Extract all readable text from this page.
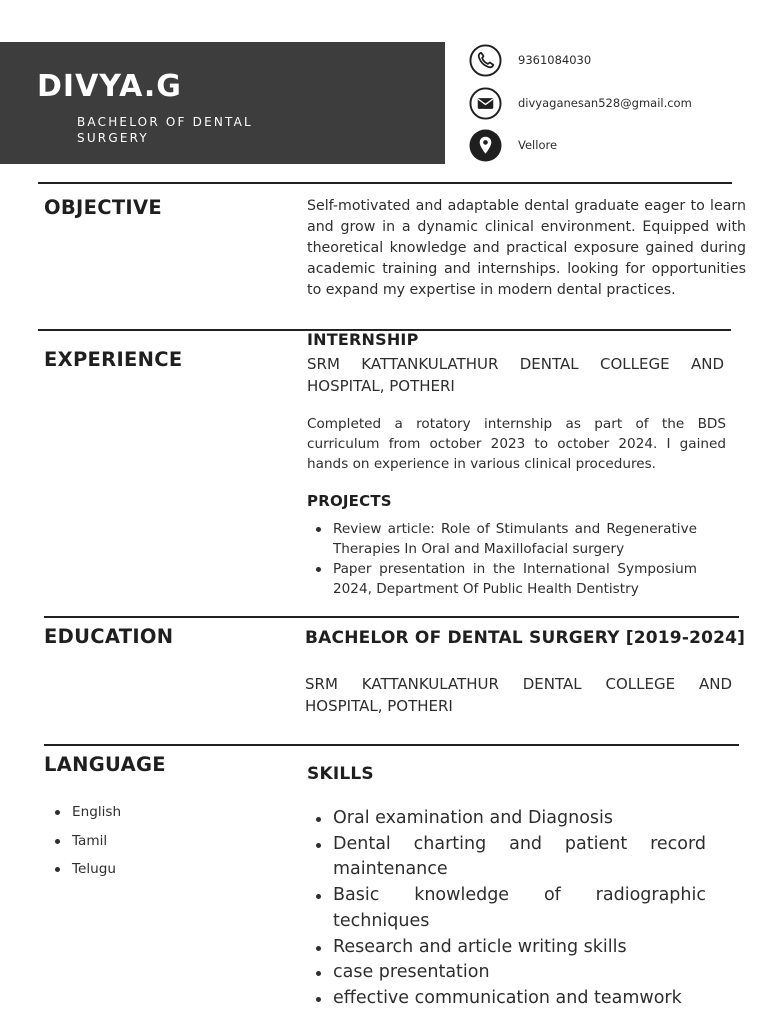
DIVYA.G
BACHELOR OF DENTAL SURGERY
9361084030
divyaganesan528@gmail.com
Vellore
OBJECTIVE	Self-motivated and adaptable dental graduate eager to learn and grow in a dynamic clinical environment. Equipped with theoretical knowledge and practical exposure gained during academic training and internships. looking for opportunities to expand my expertise in modern dental practices.
EXPERIENCE
INTERNSHIP
SRM KATTANKULATHUR DENTAL COLLEGE AND HOSPITAL, POTHERI
Completed a rotatory internship as part of the BDS curriculum from october 2023 to october 2024. I gained hands on experience in various clinical procedures.
PROJECTS
Review article: Role of Stimulants and Regenerative Therapies In Oral and Maxillofacial surgery
Paper presentation in the International Symposium 2024, Department Of Public Health Dentistry
EDUCATION	BACHELOR OF DENTAL SURGERY [2019-2024]
SRM KATTANKULATHUR DENTAL COLLEGE AND HOSPITAL, POTHERI
LANGUAGE
English
Tamil
Telugu
SKILLS
Oral examination and Diagnosis
Dental charting and patient record maintenance
Basic knowledge of radiographic techniques
Research and article writing skills
case presentation
effective communication and teamwork
